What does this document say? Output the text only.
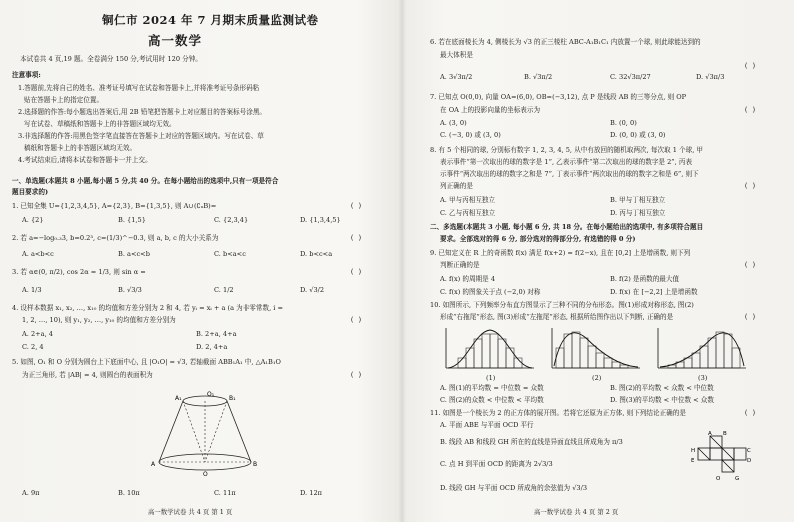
铜仁市 2024 年 7 月期末质量监测试卷
高一数学
本试卷共 4 页,19 题。全卷满分 150 分,考试用时 120 分钟。
注意事项:
1.答题前,先将自己的姓名、准考证号填写在试卷和答题卡上,并将准考证号条形码粘
贴在答题卡上的指定位置。
2.选择题的作答:每小题选出答案后,用 2B 铅笔把答题卡上对应题目的答案标号涂黑。
写在试卷、草稿纸和答题卡上的非答题区域均无效。
3.非选择题的作答:用黑色签字笔直接答在答题卡上对应的答题区域内。写在试卷、草
稿纸和答题卡上的非答题区域均无效。
4.考试结束后,请将本试卷和答题卡一并上交。
一、单选题(本题共 8 小题,每小题 5 分,共 40 分。在每小题给出的选项中,只有一项是符合
题目要求的)
1. 已知全集 U={1,2,3,4,5}, A={2,3}, B={1,3,5}, 则 A∪(∁ᵤB)=	( )
A. {2}	B. {1,5}	C. {2,3,4}	D. {1,3,4,5}
2. 若 a=−log₀.₃3, b=0.2³, c=(1/3)^−0.3, 则 a, b, c 的大小关系为	( )
A. a<b<c	B. a<c<b	C. b<a<c	D. b<c<a
3. 若 α∈(0, π/2), cos 2α = 1/3, 则 sin α =	( )
A. 1/3	B. √3/3	C. 1/2	D. √3/2
4. 设样本数据 x₁, x₂, …, x₁₀ 的均值和方差分别为 2 和 4, 若 yᵢ = xᵢ + a (a 为非零常数, i =
1, 2, …, 10), 则 y₁, y₂, …, y₁₀ 的均值和方差分别为	( )
A. 2+a, 4	B. 2+a, 4+a
C. 2, 4	D. 2, 4+a
5. 如图, O₁ 和 O 分别为圆台上下底面中心, 且 |O₁O| = √3, 若轴截面 ABB₁A₁ 中, △A₁B₁O
为正三角形, 若 |AB| = 4, 则圆台的表面积为	( )
O₁
A₁	B₁
A
O
B
A. 9π	B. 10π	C. 11π	D. 12π
高一数学试卷 共 4 页 第 1 页
6. 若在底面棱长为 4, 侧棱长为 √3 的正三棱柱 ABC-A₁B₁C₁ 内放置一个球, 则此球能达到的
最大体积是
( )
A. 3√3π/2	B. √3π/2	C. 32√3π/27	D. √3π/3
7. 已知点 O(0,0), 向量 OA=(6,0), OB=(−3,12), 点 P 是线段 AB 的三等分点, 则 OP
在 OA 上的投影向量的坐标表示为	( )
A. (3, 0)	B. (0, 0)
C. (−3, 0) 或 (3, 0)	D. (0, 0) 或 (3, 0)
8. 有 5 个相同的球, 分别标有数字 1, 2, 3, 4, 5, 从中有放回的随机取两次, 每次取 1 个球, 甲
表示事件“第一次取出的球的数字是 1”, 乙表示事件“第二次取出的球的数字是 2”, 丙表
示事件“两次取出的球的数字之和是 7”, 丁表示事件“两次取出的球的数字之和是 6”, 则下
列正确的是	( )
A. 甲与丙相互独立	B. 甲与丁相互独立
C. 乙与丙相互独立	D. 丙与丁相互独立
二、多选题(本题共 3 小题, 每小题 6 分, 共 18 分。在每小题给出的选项中, 有多项符合题目
要求。全部选对的得 6 分, 部分选对的得部分分, 有选错的得 0 分)
9. 已知定义在 R 上的奇函数 f(x) 满足 f(x+2) = f(2−x), 且在 [0,2] 上是增函数, 则下列
判断正确的是	( )
A. f(x) 的周期是 4	B. f(2) 是函数的最大值
C. f(x) 的图象关于点 (−2,0) 对称	D. f(x) 在 [−2,2] 上是增函数
10. 如图所示, 下列频率分布直方图显示了三种不同的分布形态。图(1)形成对称形态, 图(2)
形成“右拖尾”形态, 图(3)形成“左拖尾”形态, 根据所给图作出以下判断, 正确的是	( )
(1)	(2)	(3)
A. 图(1)的平均数 = 中位数 = 众数	B. 图(2)的平均数 < 众数 < 中位数
C. 图(2)的众数 < 中位数 < 平均数	D. 图(3)的平均数 < 中位数 < 众数
11. 如图是一个棱长为 2 的正方体的展开图。若将它还原为正方体, 则下列结论正确的是	( )
A. 平面 ABE 与平面 OCD 平行
B. 线段 AB 和线段 GH 所在的直线是异面直线且所成角为 π/3
C. 点 H 到平面 OCD 的距离为 2√3/3
D. 线段 GH 与平面 OCD 所成角的余弦值为 √3/3
A B
H
E
C
D
O	G
高一数学试卷 共 4 页 第 2 页
